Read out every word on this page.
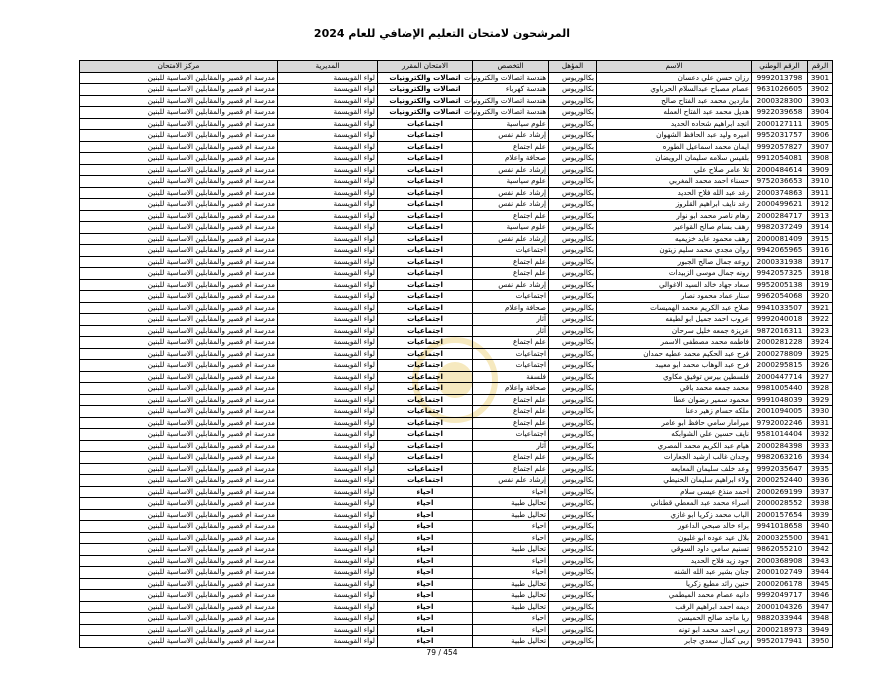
المرشحون لامتحان التعليم الإضافي للعام 2024
الرقم	الرقم الوطني	الاسم	المؤهل	التخصص	الامتحان المقرر	المديرية	مركز الامتحان
3901	9992013798	رزان حسن علي دعسان	بكالوريوس	هندسة اتصالات والكترونيات	اتصالات والكترونيات	لواء القويسمة	مدرسة ام قصير والمقابلين الاساسية للبنين
3902	9631026605	عصام مصباح عبدالسلام الحرباوي	بكالوريوس	هندسة كهرباء	اتصالات والكترونيات	لواء القويسمة	مدرسة ام قصير والمقابلين الاساسية للبنين
3903	2000328300	ماردين محمد عبد الفتاح صالح	بكالوريوس	هندسة اتصالات والكترونيات	اتصالات والكترونيات	لواء القويسمة	مدرسة ام قصير والمقابلين الاساسية للبنين
3904	9922039658	هديل محمد عبد الفتاح العمله	بكالوريوس	هندسة اتصالات والكترونيات	اتصالات والكترونيات	لواء القويسمة	مدرسة ام قصير والمقابلين الاساسية للبنين
3905	2000127111	انجد ابراهيم شحاده الحديد	بكالوريوس	علوم سياسية	اجتماعيات	لواء القويسمة	مدرسة ام قصير والمقابلين الاساسية للبنين
3906	9952031757	اميره وليد عبد الحافظ الشهوان	بكالوريوس	إرشاد علم نفس	اجتماعيات	لواء القويسمة	مدرسة ام قصير والمقابلين الاساسية للبنين
3907	9992057827	ايمان محمد اسماعيل الطوره	بكالوريوس	علم اجتماع	اجتماعيات	لواء القويسمة	مدرسة ام قصير والمقابلين الاساسية للبنين
3908	9912054081	بلقيس سلامه سليمان الرويضان	بكالوريوس	صحافة واعلام	اجتماعيات	لواء القويسمة	مدرسة ام قصير والمقابلين الاساسية للبنين
3909	2000484614	تلا عامر صلاح علي	بكالوريوس	إرشاد علم نفس	اجتماعيات	لواء القويسمة	مدرسة ام قصير والمقابلين الاساسية للبنين
3910	9752036653	حسناء احمد محمد المغربي	بكالوريوس	علوم سياسية	اجتماعيات	لواء القويسمة	مدرسة ام قصير والمقابلين الاساسية للبنين
3911	2000374863	رغد عبد الله فلاح الحديد	بكالوريوس	إرشاد علم نفس	اجتماعيات	لواء القويسمة	مدرسة ام قصير والمقابلين الاساسية للبنين
3912	2000499621	رغد نايف ابراهيم القلروز	بكالوريوس	إرشاد علم نفس	اجتماعيات	لواء القويسمة	مدرسة ام قصير والمقابلين الاساسية للبنين
3913	2000284717	رهام ناصر محمد ابو نوار	بكالوريوس	علم اجتماع	اجتماعيات	لواء القويسمة	مدرسة ام قصير والمقابلين الاساسية للبنين
3914	9982037249	رهف بسام صالح القواعير	بكالوريوس	علوم سياسية	اجتماعيات	لواء القويسمة	مدرسة ام قصير والمقابلين الاساسية للبنين
3915	2000081409	رهف محمود عايد خزيميه	بكالوريوس	إرشاد علم نفس	اجتماعيات	لواء القويسمة	مدرسة ام قصير والمقابلين الاساسية للبنين
3916	9942065965	روان مجدي محمد سليم زيتون	بكالوريوس	اجتماعيات	اجتماعيات	لواء القويسمة	مدرسة ام قصير والمقابلين الاساسية للبنين
3917	2000331938	روعه جمال صالح الجبور	بكالوريوس	علم اجتماع	اجتماعيات	لواء القويسمة	مدرسة ام قصير والمقابلين الاساسية للبنين
3918	9942057325	رونه جمال موسى الزبيدات	بكالوريوس	علم اجتماع	اجتماعيات	لواء القويسمة	مدرسة ام قصير والمقابلين الاساسية للبنين
3919	9952005138	سعاد جهاد خالد السيد الاغوالي	بكالوريوس	إرشاد علم نفس	اجتماعيات	لواء القويسمة	مدرسة ام قصير والمقابلين الاساسية للبنين
3920	9962054068	سنار عماد محمود نصار	بكالوريوس	اجتماعيات	اجتماعيات	لواء القويسمة	مدرسة ام قصير والمقابلين الاساسية للبنين
3921	9941033507	صلاح عبد الكريم محمد الهميسات	بكالوريوس	صحافة واعلام	اجتماعيات	لواء القويسمة	مدرسة ام قصير والمقابلين الاساسية للبنين
3922	9992040018	عروب احمد جميل ابو لطيفه	بكالوريوس	آثار	اجتماعيات	لواء القويسمة	مدرسة ام قصير والمقابلين الاساسية للبنين
3923	9872016311	عزيزة جمعه خليل سرحان	بكالوريوس	آثار	اجتماعيات	لواء القويسمة	مدرسة ام قصير والمقابلين الاساسية للبنين
3924	2000281228	فاطمه محمد مصطفى الاسمر	بكالوريوس	علم اجتماع	اجتماعيات	لواء القويسمة	مدرسة ام قصير والمقابلين الاساسية للبنين
3925	2000278809	فرح عبد الحكيم محمد عطيه حمدان	بكالوريوس	اجتماعيات	اجتماعيات	لواء القويسمة	مدرسة ام قصير والمقابلين الاساسية للبنين
3926	2000295815	فرح عبد الوهاب محمد ابو معيبد	بكالوريوس	اجتماعيات	اجتماعيات	لواء القويسمة	مدرسة ام قصير والمقابلين الاساسية للبنين
3927	2000447714	فلسطين بيرس توفيق مكاوي	بكالوريوس	فلسفة	اجتماعيات	لواء القويسمة	مدرسة ام قصير والمقابلين الاساسية للبنين
3928	9981005440	محمد جمعه محمد باقي	بكالوريوس	صحافة واعلام	اجتماعيات	لواء القويسمة	مدرسة ام قصير والمقابلين الاساسية للبنين
3929	9991048039	محمود سمير رضوان عطا	بكالوريوس	علم اجتماع	اجتماعيات	لواء القويسمة	مدرسة ام قصير والمقابلين الاساسية للبنين
3930	2001094005	ملكه حسام زهير دعنا	بكالوريوس	علم اجتماع	اجتماعيات	لواء القويسمة	مدرسة ام قصير والمقابلين الاساسية للبنين
3931	9792002246	ميرامار سامي حافظ ابو عامر	بكالوريوس	علم اجتماع	اجتماعيات	لواء القويسمة	مدرسة ام قصير والمقابلين الاساسية للبنين
3932	9581014404	نايف حسين علي الشوابكه	بكالوريوس	اجتماعيات	اجتماعيات	لواء القويسمة	مدرسة ام قصير والمقابلين الاساسية للبنين
3933	2000284398	هيام عبد الكريم محمد المصري	بكالوريوس	آثار	اجتماعيات	لواء القويسمة	مدرسة ام قصير والمقابلين الاساسية للبنين
3934	9982063216	وجدان غالب ارشيد الجعارات	بكالوريوس	علم اجتماع	اجتماعيات	لواء القويسمة	مدرسة ام قصير والمقابلين الاساسية للبنين
3935	9992035647	وعد خلف سليمان المعايعه	بكالوريوس	علم اجتماع	اجتماعيات	لواء القويسمة	مدرسة ام قصير والمقابلين الاساسية للبنين
3936	2000252440	ولاء ابراهيم سليمان الحنيطي	بكالوريوس	إرشاد علم نفس	اجتماعيات	لواء القويسمة	مدرسة ام قصير والمقابلين الاساسية للبنين
3937	2000269199	احمد منذع عيسى سلام	بكالوريوس	احياء	احياء	لواء القويسمة	مدرسة ام قصير والمقابلين الاساسية للبنين
3938	2000028552	اسراء محمد عبد المعطي قطناني	بكالوريوس	تحاليل طبية	احياء	لواء القويسمة	مدرسة ام قصير والمقابلين الاساسية للبنين
3939	2000157654	الباب محمد زكريا ابو غازي	بكالوريوس	تحاليل طبية	احياء	لواء القويسمة	مدرسة ام قصير والمقابلين الاساسية للبنين
3940	9941018658	براء خالد صبحي الداعور	بكالوريوس	احياء	احياء	لواء القويسمة	مدرسة ام قصير والمقابلين الاساسية للبنين
3941	2000325500	بلال عيد عوده ابو غليون	بكالوريوس	احياء	احياء	لواء القويسمة	مدرسة ام قصير والمقابلين الاساسية للبنين
3942	9862055210	تسنيم سامي داود السوقي	بكالوريوس	تحاليل طبية	احياء	لواء القويسمة	مدرسة ام قصير والمقابلين الاساسية للبنين
3943	2000368908	جود زيد فلاح الحديد	بكالوريوس	احياء	احياء	لواء القويسمة	مدرسة ام قصير والمقابلين الاساسية للبنين
3944	2000102749	جنان بشير عبد الله الشنه	بكالوريوس	احياء	احياء	لواء القويسمة	مدرسة ام قصير والمقابلين الاساسية للبنين
3945	2000206178	حنين رائد مطيع زكريا	بكالوريوس	تحاليل طبية	احياء	لواء القويسمة	مدرسة ام قصير والمقابلين الاساسية للبنين
3946	9992049717	دانيه عصام محمد الميطمي	بكالوريوس	تحاليل طبية	احياء	لواء القويسمة	مدرسة ام قصير والمقابلين الاساسية للبنين
3947	2000104326	ديمه احمد ابراهيم الرقب	بكالوريوس	تحاليل طبية	احياء	لواء القويسمة	مدرسة ام قصير والمقابلين الاساسية للبنين
3948	9882033944	ريا ماجد صالح الحميسن	بكالوريوس	احياء	احياء	لواء القويسمة	مدرسة ام قصير والمقابلين الاساسية للبنين
3949	2000218973	ربى احمد محمد ابو تونه	بكالوريوس	احياء	احياء	لواء القويسمة	مدرسة ام قصير والمقابلين الاساسية للبنين
3950	9952017941	ربى كمال سعدي جابر	بكالوريوس	تحاليل طبية	احياء	لواء القويسمة	مدرسة ام قصير والمقابلين الاساسية للبنين
79 / 454
